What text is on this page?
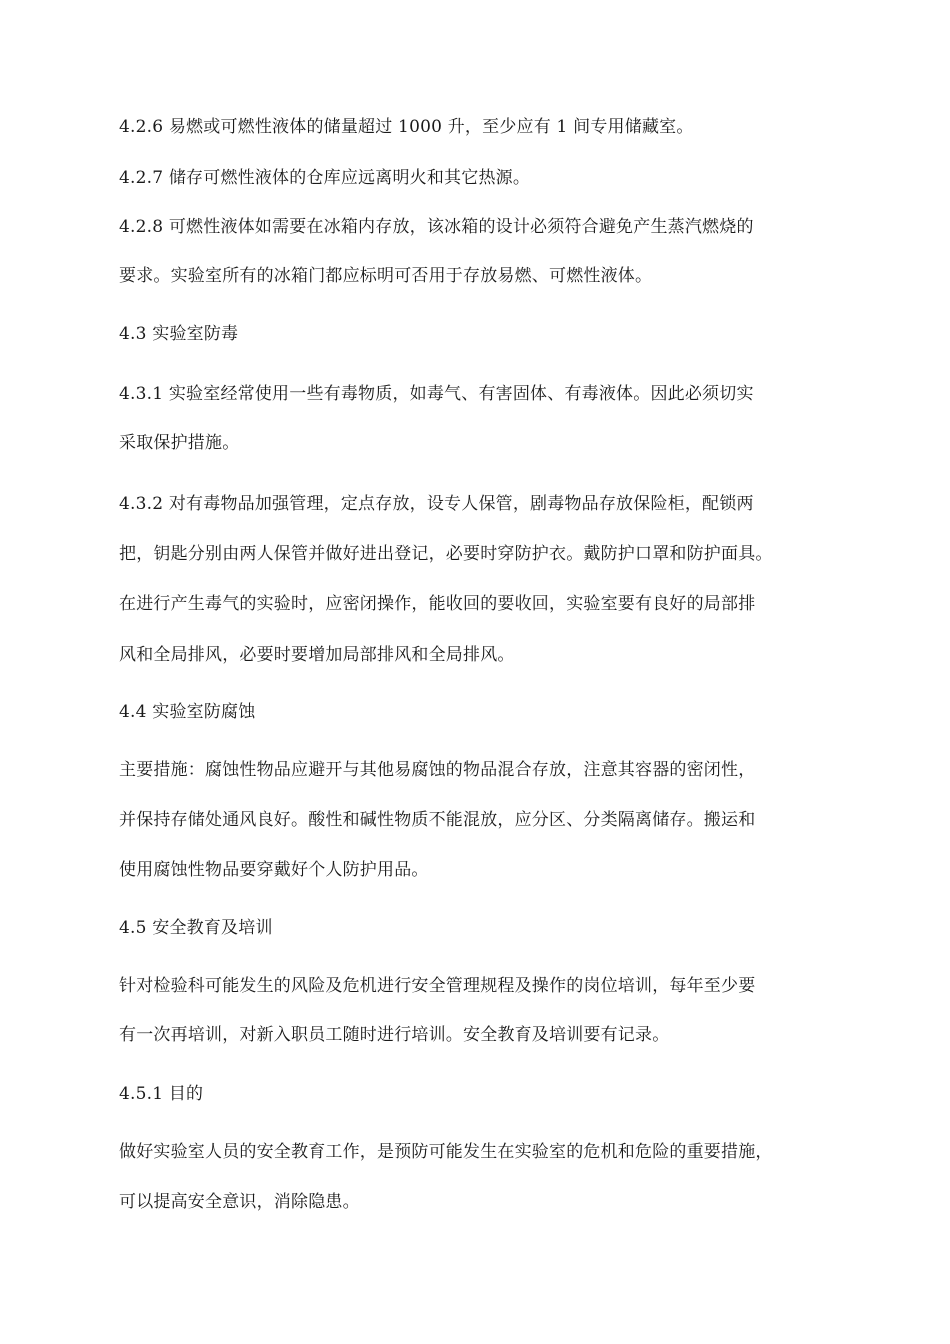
4.2.6 易燃或可燃性液体的储量超过 1000 升，至少应有 1 间专用储藏室。
4.2.7 储存可燃性液体的仓库应远离明火和其它热源。
4.2.8 可燃性液体如需要在冰箱内存放，该冰箱的设计必须符合避免产生蒸汽燃烧的
要求。实验室所有的冰箱门都应标明可否用于存放易燃、可燃性液体。
4.3 实验室防毒
4.3.1 实验室经常使用一些有毒物质，如毒气、有害固体、有毒液体。因此必须切实
采取保护措施。
4.3.2 对有毒物品加强管理，定点存放，设专人保管，剧毒物品存放保险柜，配锁两
把，钥匙分别由两人保管并做好进出登记，必要时穿防护衣。戴防护口罩和防护面具。
在进行产生毒气的实验时，应密闭操作，能收回的要收回，实验室要有良好的局部排
风和全局排风，必要时要增加局部排风和全局排风。
4.4 实验室防腐蚀
主要措施：腐蚀性物品应避开与其他易腐蚀的物品混合存放，注意其容器的密闭性，
并保持存储处通风良好。酸性和碱性物质不能混放，应分区、分类隔离储存。搬运和
使用腐蚀性物品要穿戴好个人防护用品。
4.5 安全教育及培训
针对检验科可能发生的风险及危机进行安全管理规程及操作的岗位培训，每年至少要
有一次再培训，对新入职员工随时进行培训。安全教育及培训要有记录。
4.5.1 目的
做好实验室人员的安全教育工作，是预防可能发生在实验室的危机和危险的重要措施，
可以提高安全意识，消除隐患。
